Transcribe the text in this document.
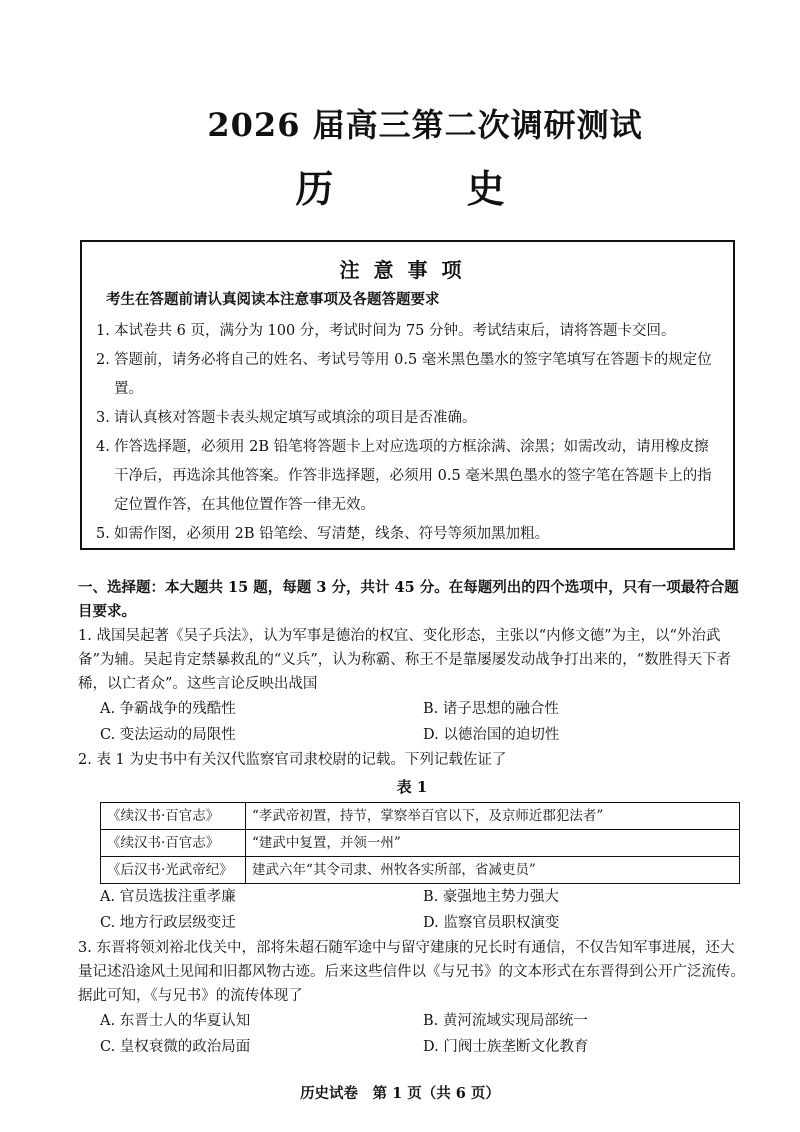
2026 届高三第二次调研测试
历 史
注意事项
考生在答题前请认真阅读本注意事项及各题答题要求
1. 本试卷共 6 页，满分为 100 分，考试时间为 75 分钟。考试结束后，请将答题卡交回。
2. 答题前，请务必将自己的姓名、考试号等用 0.5 毫米黑色墨水的签字笔填写在答题卡的规定位置。
3. 请认真核对答题卡表头规定填写或填涂的项目是否准确。
4. 作答选择题，必须用 2B 铅笔将答题卡上对应选项的方框涂满、涂黑；如需改动，请用橡皮擦干净后，再选涂其他答案。作答非选择题，必须用 0.5 毫米黑色墨水的签字笔在答题卡上的指定位置作答，在其他位置作答一律无效。
5. 如需作图，必须用 2B 铅笔绘、写清楚，线条、符号等须加黑加粗。
一、选择题：本大题共 15 题，每题 3 分，共计 45 分。在每题列出的四个选项中，只有一项最符合题目要求。
1. 战国吴起著《吴子兵法》，认为军事是德治的权宜、变化形态，主张以“内修文德”为主，以“外治武备”为辅。吴起肯定禁暴救乱的“义兵”，认为称霸、称王不是靠屡屡发动战争打出来的，“数胜得天下者稀，以亡者众”。这些言论反映出战国
A. 争霸战争的残酷性	B. 诸子思想的融合性
C. 变法运动的局限性	D. 以德治国的迫切性
2. 表 1 为史书中有关汉代监察官司隶校尉的记载。下列记载佐证了
表 1
《续汉书·百官志》	“孝武帝初置，持节，掌察举百官以下，及京师近郡犯法者”
《续汉书·百官志》	“建武中复置，并领一州”
《后汉书·光武帝纪》	建武六年“其令司隶、州牧各实所部，省减吏员”
A. 官员选拔注重孝廉	B. 豪强地主势力强大
C. 地方行政层级变迁	D. 监察官员职权演变
3. 东晋将领刘裕北伐关中，部将朱超石随军途中与留守建康的兄长时有通信，不仅告知军事进展，还大量记述沿途风土见闻和旧都风物古迹。后来这些信件以《与兄书》的文本形式在东晋得到公开广泛流传。据此可知，《与兄书》的流传体现了
A. 东晋士人的华夏认知	B. 黄河流域实现局部统一
C. 皇权衰微的政治局面	D. 门阀士族垄断文化教育
历史试卷　第 1 页（共 6 页）
